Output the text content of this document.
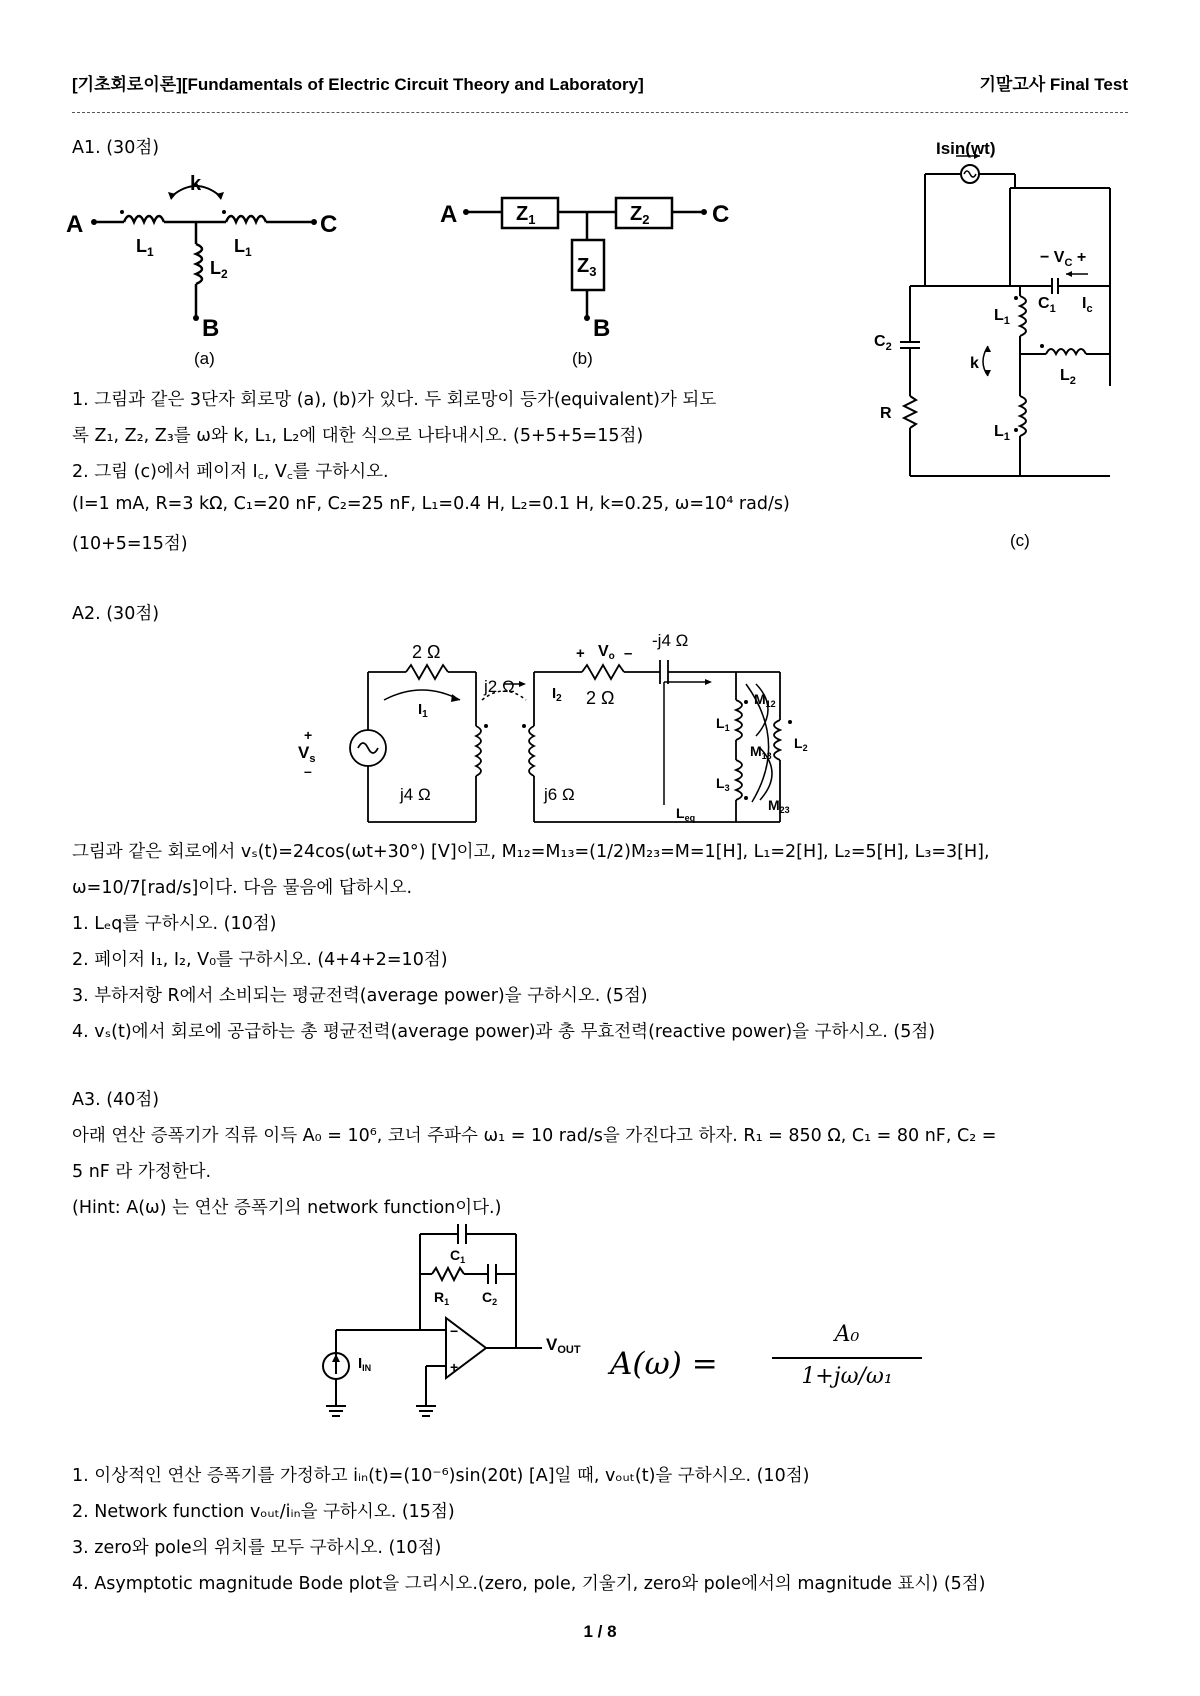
[기초회로이론][Fundamentals of Electric Circuit Theory and Laboratory]	기말고사 Final Test
A1. (30점)
A	C
B
k
$L_1$	$L_1$
$L_2$
(a)
A	C
B
$Z_1$	$Z_2$
$Z_3$
(b)
Isin(wt)
− $V_C$ +
$C_1$ $I_c$
$C_2$
R
k
$L_1$
$L_1$
$L_2$
(c)
1. 그림과 같은 3단자 회로망 (a), (b)가 있다. 두 회로망이 등가(equivalent)가 되도
록 Z₁, Z₂, Z₃를 ω와 k, L₁, L₂에 대한 식으로 나타내시오. (5+5+5=15점)
2. 그림 (c)에서 페이저 I꜀, V꜀를 구하시오.
(I=1 mA, R=3 kΩ, C₁=20 nF, C₂=25 nF, L₁=0.4 H, L₂=0.1 H, k=0.25, ω=10⁴ rad/s)
(10+5=15점)
A2. (30점)
2 Ω
$I_1$
+
$V_s$
–
j2 Ω
j4 Ω	j6 Ω
$I_2$ 2 Ω
+ Vo –
-j4 Ω
$L_1$
$L_3$
$L_2$
$M_{12}$
$M_{13}$
$M_{23}$
$L_{eq}$
그림과 같은 회로에서 vₛ(t)=24cos(ωt+30°) [V]이고, M₁₂=M₁₃=(1/2)M₂₃=M=1[H], L₁=2[H], L₂=5[H], L₃=3[H],
ω=10/7[rad/s]이다. 다음 물음에 답하시오.
1. Lₑq를 구하시오. (10점)
2. 페이저 I₁, I₂, V₀를 구하시오. (4+4+2=10점)
3. 부하저항 R에서 소비되는 평균전력(average power)을 구하시오. (5점)
4. vₛ(t)에서 회로에 공급하는 총 평균전력(average power)과 총 무효전력(reactive power)을 구하시오. (5점)
A3. (40점)
아래 연산 증폭기가 직류 이득 A₀ = 10⁶, 코너 주파수 ω₁ = 10 rad/s을 가진다고 하자. R₁ = 850 Ω, C₁ = 80 nF, C₂ =
5 nF 라 가정한다.
(Hint: A(ω) 는 연산 증폭기의 network function이다.)
$C_1$
$R_1$ $C_2$
−
+
$I_{IN}$
VOUT A(ω) =
A₀
1+jω/ω₁
1. 이상적인 연산 증폭기를 가정하고 iᵢₙ(t)=(10⁻⁶)sin(20t) [A]일 때, vₒᵤₜ(t)을 구하시오. (10점)
2. Network function vₒᵤₜ/iᵢₙ을 구하시오. (15점)
3. zero와 pole의 위치를 모두 구하시오. (10점)
4. Asymptotic magnitude Bode plot을 그리시오.(zero, pole, 기울기, zero와 pole에서의 magnitude 표시) (5점)
1 / 8
